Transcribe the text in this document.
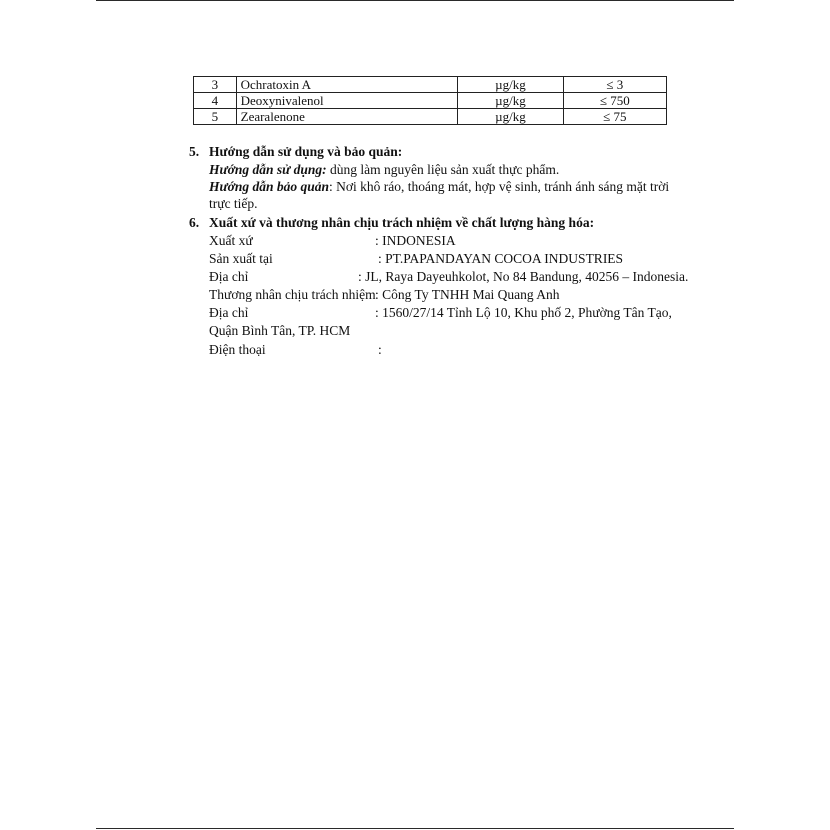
3	Ochratoxin A	µg/kg	≤ 3
4	Deoxynivalenol	µg/kg	≤ 750
5	Zearalenone	µg/kg	≤ 75
5. Hướng dẫn sử dụng và bảo quản:
Hướng dẫn sử dụng: dùng làm nguyên liệu sản xuất thực phẩm.
Hướng dẫn bảo quản: Nơi khô ráo, thoáng mát, hợp vệ sinh, tránh ánh sáng mặt trời
trực tiếp.
6. Xuất xứ và thương nhân chịu trách nhiệm về chất lượng hàng hóa:
Xuất xứ	: INDONESIA
Sản xuất tại	: PT.PAPANDAYAN COCOA INDUSTRIES
Địa chỉ	: JL, Raya Dayeuhkolot, No 84 Bandung, 40256 – Indonesia.
Thương nhân chịu trách nhiệm : Công Ty TNHH Mai Quang Anh
Địa chỉ	: 1560/27/14 Tỉnh Lộ 10, Khu phố 2, Phường Tân Tạo,
Quận Bình Tân, TP. HCM
Điện thoại	:
